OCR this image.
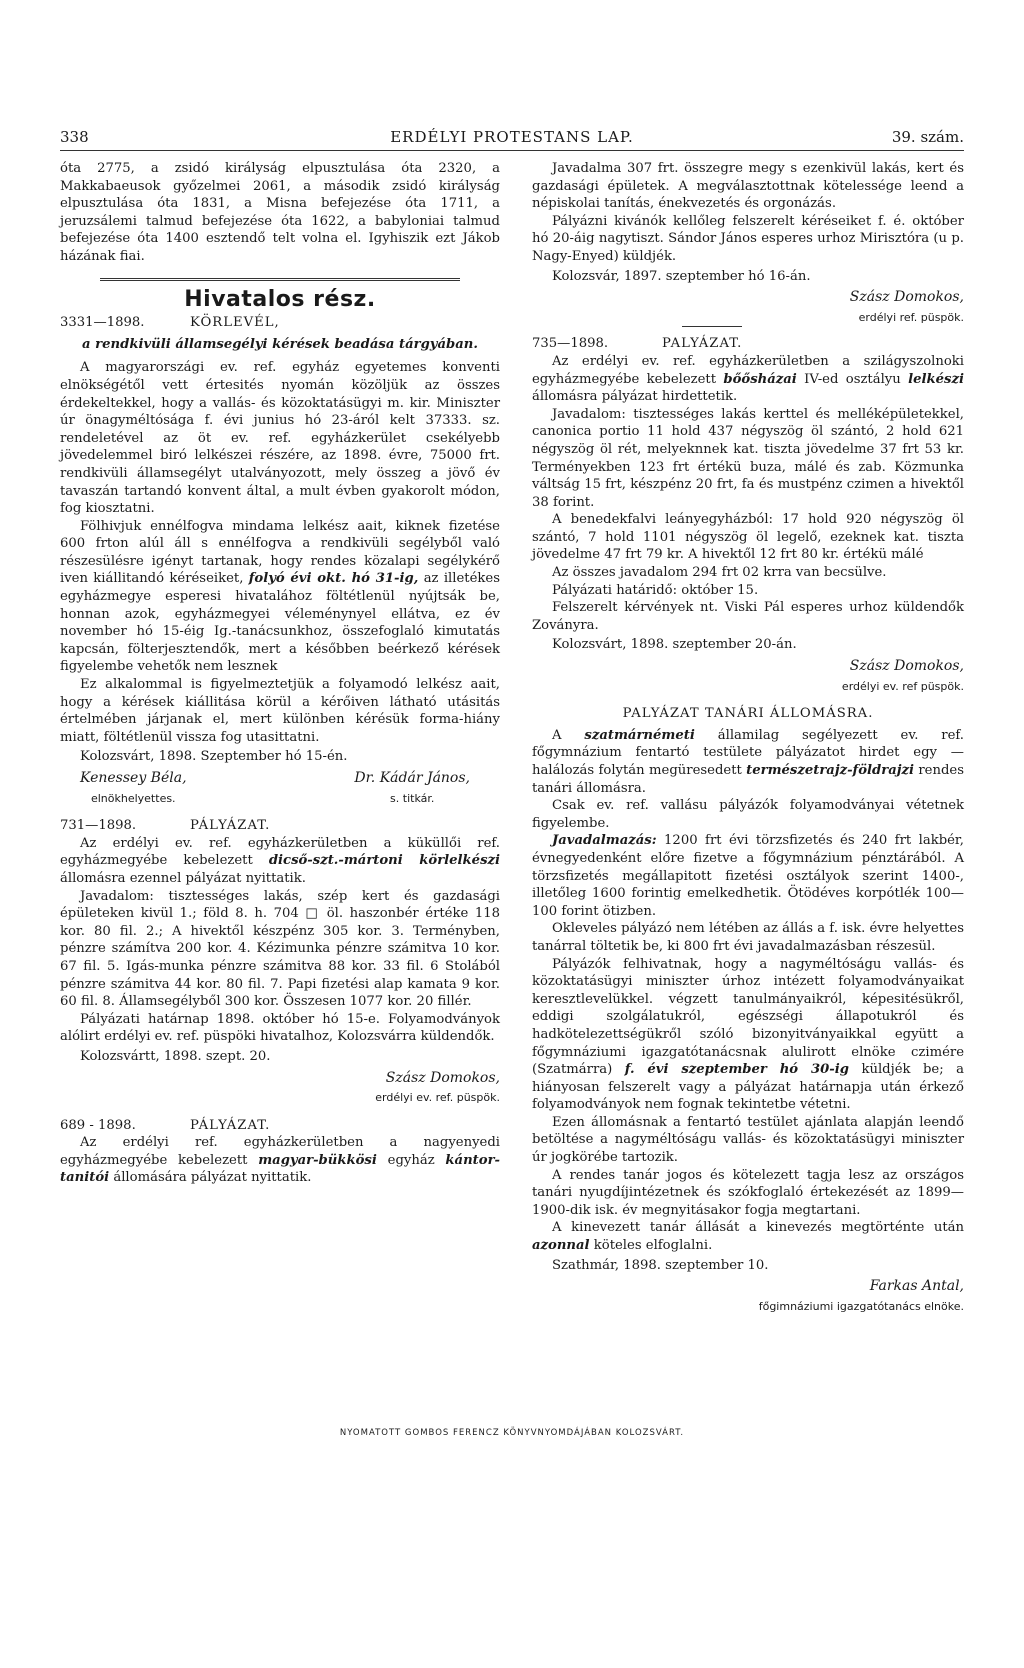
338	ERDÉLYI PROTESTANS LAP.	39. szám.

óta 2775, a zsidó királyság elpusztulása óta 2320, a Makkabaeusok győzelmei 2061, a második zsidó királyság elpusztulása óta 1831, a Misna befejezése óta 1711, a jeruzsálemi talmud befejezése óta 1622, a babyloniai talmud befejezése óta 1400 esztendő telt volna el. Igyhiszik ezt Jákob házának fiai.

Hivatalos rész.
3331—1898.	KÖRLEVÉL,
a rendkivüli államsegélyi kérések beadása tárgyában.

A magyarországi ev. ref. egyház egyetemes konventi elnökségétől vett értesités nyomán közöljük az összes érdekeltekkel, hogy a vallás- és közoktatásügyi m. kir. Miniszter úr önagyméltósága f. évi junius hó 23-áról kelt 37333. sz. rendeletével az öt ev. ref. egyházkerület csekélyebb jövedelemmel biró lelkészei részére, az 1898. évre, 75000 frt. rendkivüli államsegélyt utalványozott, mely összeg a jövő év tavaszán tartandó konvent által, a mult évben gyakorolt módon, fog kiosztatni.

Fölhivjuk ennélfogva mindama lelkész aait, kiknek fizetése 600 frton alúl áll s ennélfogva a rendkivüli segélyből való részesülésre igényt tartanak, hogy rendes közalapi segélykérő iven kiállitandó kéréseiket, folyó évi okt. hó 31-ig, az illetékes egyházmegye esperesi hivatalához föltétlenül nyújtsák be, honnan azok, egyházmegyei véleménynyel ellátva, ez év november hó 15-éig Ig.-tanácsunkhoz, összefoglaló kimutatás kapcsán, fölterjesztendők, mert a későbben beérkező kérések figyelembe vehetők nem lesznek

Ez alkalommal is figyelmeztetjük a folyamodó lelkész aait, hogy a kérések kiállitása körül a kérőiven látható utásitás értelmében járjanak el, mert különben kérésük forma-hiány miatt, föltétlenül vissza fog utasittatni.

Kolozsvárt, 1898. Szeptember hó 15-én.
Kenessey Béla,
elnökhelyettes.
Dr. Kádár János,
s. titkár.
731—1898.	PÁLYÁZAT.

Az erdélyi ev. ref. egyházkerületben a küküllői ref. egyházmegyébe kebelezett dicső-szt.-mártoni körlelkészi állomásra ezennel pályázat nyittatik.

Javadalom: tisztességes lakás, szép kert és gazdasági épületeken kivül 1.; föld 8. h. 704 □ öl. haszonbér értéke 118 kor. 80 fil. 2.; A hivektől készpénz 305 kor. 3. Terményben, pénzre számítva 200 kor. 4. Kézimunka pénzre számitva 10 kor. 67 fil. 5. Igás-munka pénzre számitva 88 kor. 33 fil. 6 Stolából pénzre számitva 44 kor. 80 fil. 7. Papi fizetési alap kamata 9 kor. 60 fil. 8. Államsegélyből 300 kor. Összesen 1077 kor. 20 fillér.

Pályázati határnap 1898. október hó 15-e. Folyamodványok alólirt erdélyi ev. ref. püspöki hivatalhoz, Kolozsvárra küldendők.

Kolozsvártt, 1898. szept. 20.
Szász Domokos,
erdélyi ev. ref. püspök.
689 - 1898.	PÁLYÁZAT.

Az erdélyi ref. egyházkerületben a nagyenyedi egyházmegyébe kebelezett magyar-bükkösi egyház kántor-tanitói állomására pályázat nyittatik.

Javadalma 307 frt. összegre megy s ezenkivül lakás, kert és gazdasági épületek. A megválasztottnak kötelessége leend a népiskolai tanítás, énekvezetés és orgonázás.

Pályázni kivánók kellőleg felszerelt kéréseiket f. é. október hó 20-áig nagytiszt. Sándor János esperes urhoz Mirisztóra (u p. Nagy-Enyed) küldjék.

Kolozsvár, 1897. szeptember hó 16-án.
Szász Domokos,
erdélyi ref. püspök.
735—1898.	PALYÁZAT.

Az erdélyi ev. ref. egyházkerületben a szilágyszolnoki egyházmegyébe kebelezett bőősházai IV-ed osztályu lelkészi állomásra pályázat hirdettetik.

Javadalom: tisztességes lakás kerttel és melléképületekkel, canonica portio 11 hold 437 négyszög öl szántó, 2 hold 621 négyszög öl rét, melyeknnek kat. tiszta jövedelme 37 frt 53 kr. Terményekben 123 frt értékü buza, málé és zab. Közmunka váltság 15 frt, készpénz 20 frt, fa és mustpénz czimen a hivektől 38 forint.

A benedekfalvi leányegyházból: 17 hold 920 négyszög öl szántó, 7 hold 1101 négyszög öl legelő, ezeknek kat. tiszta jövedelme 47 frt 79 kr. A hivektől 12 frt 80 kr. értékü málé

Az összes javadalom 294 frt 02 krra van becsülve.

Pályázati határidő: október 15.

Felszerelt kérvények nt. Viski Pál esperes urhoz küldendők Zoványra.

Kolozsvárt, 1898. szeptember 20-án.
Szász Domokos,
erdélyi ev. ref püspök.
PALYÁZAT TANÁRI ÁLLOMÁSRA.

A szatmárnémeti államilag segélyezett ev. ref. főgymnázium fentartó testülete pályázatot hirdet egy — halálozás folytán megüresedett természetrajz-földrajzi rendes tanári állomásra.

Csak ev. ref. vallásu pályázók folyamodványai vétetnek figyelembe.

Javadalmazás: 1200 frt évi törzsfizetés és 240 frt lakbér, évnegyedenként előre fizetve a főgymnázium pénztárából. A törzsfizetés megállapitott fizetési osztályok szerint 1400-, illetőleg 1600 forintig emelkedhetik. Ötödéves korpótlék 100—100 forint ötizben.

Okleveles pályázó nem létében az állás a f. isk. évre helyettes tanárral töltetik be, ki 800 frt évi javadalmazásban részesül.

Pályázók felhivatnak, hogy a nagyméltóságu vallás- és közoktatásügyi miniszter úrhoz intézett folyamodványaikat keresztlevelükkel. végzett tanulmányaikról, képesitésükről, eddigi szolgálatukról, egészségi állapotukról és hadkötelezettségükről szóló bizonyitványaikkal együtt a főgymnáziumi igazgatótanácsnak alulirott elnöke czimére (Szatmárra) f. évi szeptember hó 30-ig küldjék be; a hiányosan felszerelt vagy a pályázat határnapja után érkező folyamodványok nem fognak tekintetbe vétetni.

Ezen állomásnak a fentartó testület ajánlata alapján leendő betöltése a nagyméltóságu vallás- és közoktatásügyi miniszter úr jogkörébe tartozik.

A rendes tanár jogos és kötelezett tagja lesz az országos tanári nyugdíjintézetnek és szókfoglaló értekezését az 1899—1900-dik isk. év megnyitásakor fogja megtartani.

A kinevezett tanár állását a kinevezés megtörténte után azonnal köteles elfoglalni.

Szathmár, 1898. szeptember 10.
Farkas Antal,
főgimnáziumi igazgatótanács elnöke.
NYOMATOTT GOMBOS FERENCZ KÖNYVNYOMDÁJÁBAN KOLOZSVÁRT.
